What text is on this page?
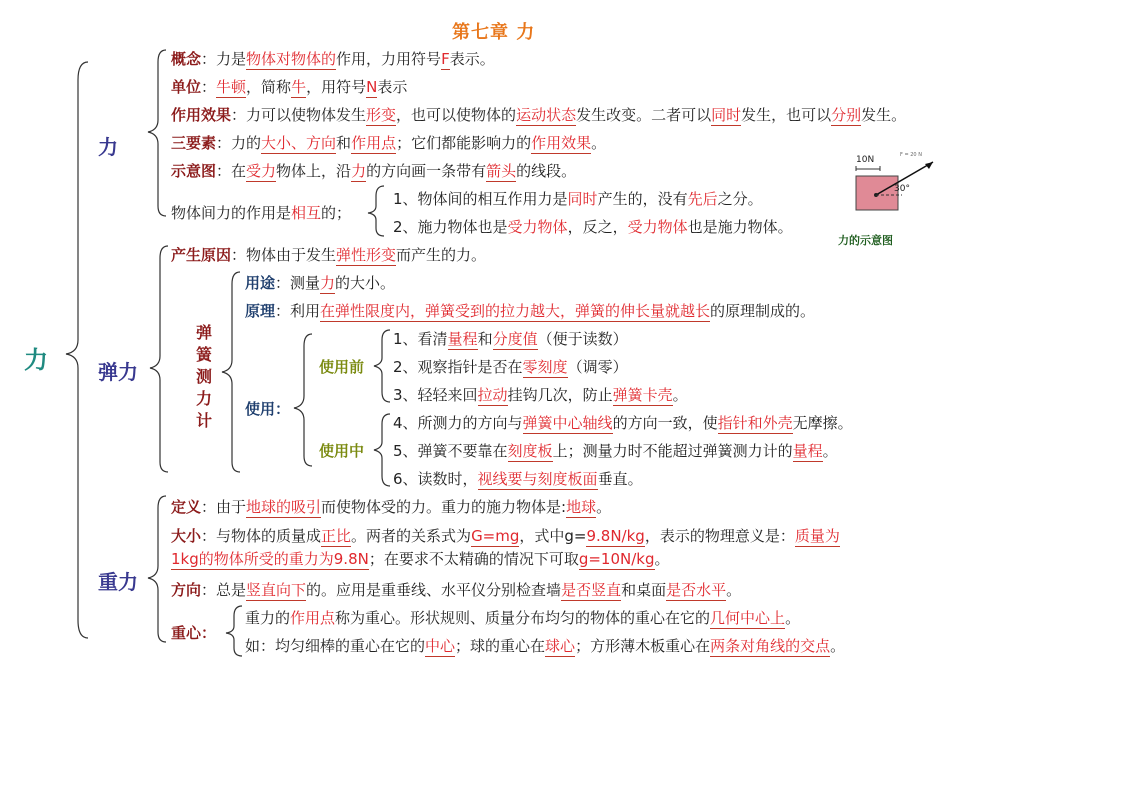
第七章 力
力
力
概念：力是物体对物体的作用，力用符号F表示。
单位：牛顿，简称牛，用符号N表示
作用效果：力可以使物体发生形变，也可以使物体的运动状态发生改变。二者可以同时发生，也可以分别发生。
三要素：力的大小、方向和作用点；它们都能影响力的作用效果。
示意图：在受力物体上，沿力的方向画一条带有箭头的线段。
物体间力的作用是相互的；
1、物体间的相互作用力是同时产生的，没有先后之分。
2、施力物体也是受力物体，反之，受力物体也是施力物体。
10N	F = 20 N
30°
力的示意图
弹力
产生原因：物体由于发生弹性形变而产生的力。
弹
簧
测
力
计
用途：测量力的大小。
原理：利用在弹性限度内，弹簧受到的拉力越大，弹簧的伸长量就越长的原理制成的。
使用：
使用前
使用中
1、看清量程和分度值（便于读数）
2、观察指针是否在零刻度（调零）
3、轻轻来回拉动挂钩几次，防止弹簧卡壳。
4、所测力的方向与弹簧中心轴线的方向一致，使指针和外壳无摩擦。
5、弹簧不要靠在刻度板上；测量力时不能超过弹簧测力计的量程。
6、读数时，视线要与刻度板面垂直。
重力
定义：由于地球的吸引而使物体受的力。重力的施力物体是:地球。
大小：与物体的质量成正比。两者的关系式为G=mg，式中g=9.8N/kg，表示的物理意义是：质量为
1kg的物体所受的重力为9.8N；在要求不太精确的情况下可取g=10N/kg。
方向：总是竖直向下的。应用是重垂线、水平仪分别检查墙是否竖直和桌面是否水平。
重心：
重力的作用点称为重心。形状规则、质量分布均匀的物体的重心在它的几何中心上。
如：均匀细棒的重心在它的中心；球的重心在球心；方形薄木板重心在两条对角线的交点。
